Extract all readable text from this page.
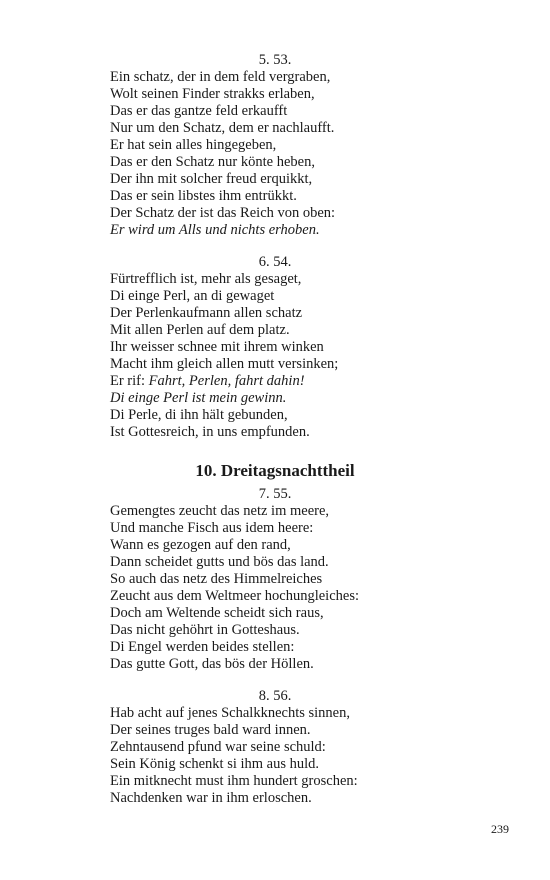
5. 53.
Ein schatz, der in dem feld vergraben,
Wolt seinen Finder strakks erlaben,
Das er das gantze feld erkaufft
Nur um den Schatz, dem er nachlaufft.
Er hat sein alles hingegeben,
Das er den Schatz nur könte heben,
Der ihn mit solcher freud erquikkt,
Das er sein libstes ihm entrükkt.
Der Schatz der ist das Reich von oben:
Er wird um Alls und nichts erhoben.
6. 54.
Fürtrefflich ist, mehr als gesaget,
Di einge Perl, an di gewaget
Der Perlenkaufmann allen schatz
Mit allen Perlen auf dem platz.
Ihr weisser schnee mit ihrem winken
Macht ihm gleich allen mutt versinken;
Er rif: Fahrt, Perlen, fahrt dahin!
Di einge Perl ist mein gewinn.
Di Perle, di ihn hält gebunden,
Ist Gottesreich, in uns empfunden.
10. Dreitagsnachttheil
7. 55.
Gemengtes zeucht das netz im meere,
Und manche Fisch aus idem heere:
Wann es gezogen auf den rand,
Dann scheidet gutts und bös das land.
So auch das netz des Himmelreiches
Zeucht aus dem Weltmeer hochungleiches:
Doch am Weltende scheidt sich raus,
Das nicht gehöhrt in Gotteshaus.
Di Engel werden beides stellen:
Das gutte Gott, das bös der Höllen.
8. 56.
Hab acht auf jenes Schalkknechts sinnen,
Der seines truges bald ward innen.
Zehntausend pfund war seine schuld:
Sein König schenkt si ihm aus huld.
Ein mitknecht must ihm hundert groschen:
Nachdenken war in ihm erloschen.
239
